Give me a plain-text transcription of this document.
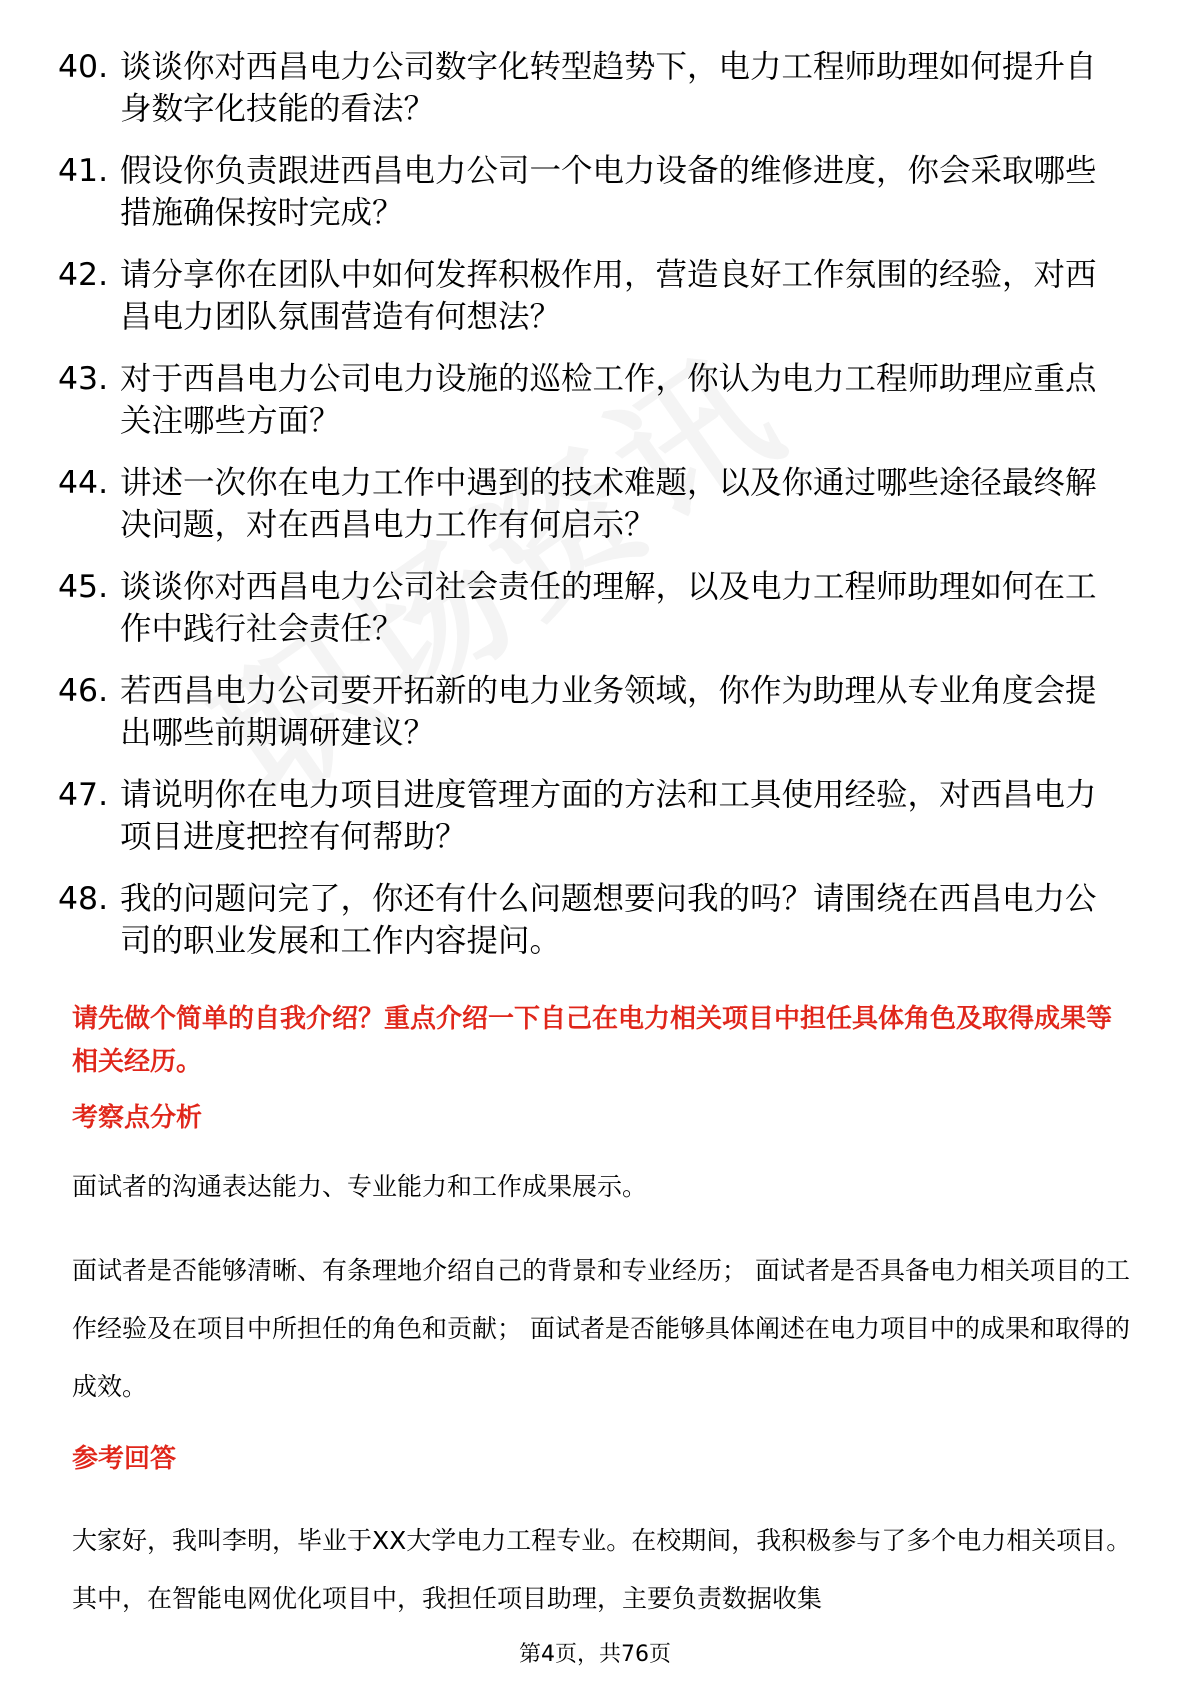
40. 谈谈你对西昌电力公司数字化转型趋势下，电力工程师助理如何提升自身数字化技能的看法？
41. 假设你负责跟进西昌电力公司一个电力设备的维修进度，你会采取哪些措施确保按时完成？
42. 请分享你在团队中如何发挥积极作用，营造良好工作氛围的经验，对西昌电力团队氛围营造有何想法？
43. 对于西昌电力公司电力设施的巡检工作，你认为电力工程师助理应重点关注哪些方面？
44. 讲述一次你在电力工作中遇到的技术难题，以及你通过哪些途径最终解决问题，对在西昌电力工作有何启示？
45. 谈谈你对西昌电力公司社会责任的理解，以及电力工程师助理如何在工作中践行社会责任？
46. 若西昌电力公司要开拓新的电力业务领域，你作为助理从专业角度会提出哪些前期调研建议？
47. 请说明你在电力项目进度管理方面的方法和工具使用经验，对西昌电力项目进度把控有何帮助？
48. 我的问题问完了，你还有什么问题想要问我的吗？请围绕在西昌电力公司的职业发展和工作内容提问。
请先做个简单的自我介绍？重点介绍一下自己在电力相关项目中担任具体角色及取得成果等相关经历。
考察点分析
面试者的沟通表达能力、专业能力和工作成果展示。
面试者是否能够清晰、有条理地介绍自己的背景和专业经历； 面试者是否具备电力相关项目的工作经验及在项目中所担任的角色和贡献； 面试者是否能够具体阐述在电力项目中的成果和取得的成效。
参考回答
大家好，我叫李明，毕业于XX大学电力工程专业。在校期间，我积极参与了多个电力相关项目。其中，在智能电网优化项目中，我担任项目助理，主要负责数据收集
第4页，共76页
